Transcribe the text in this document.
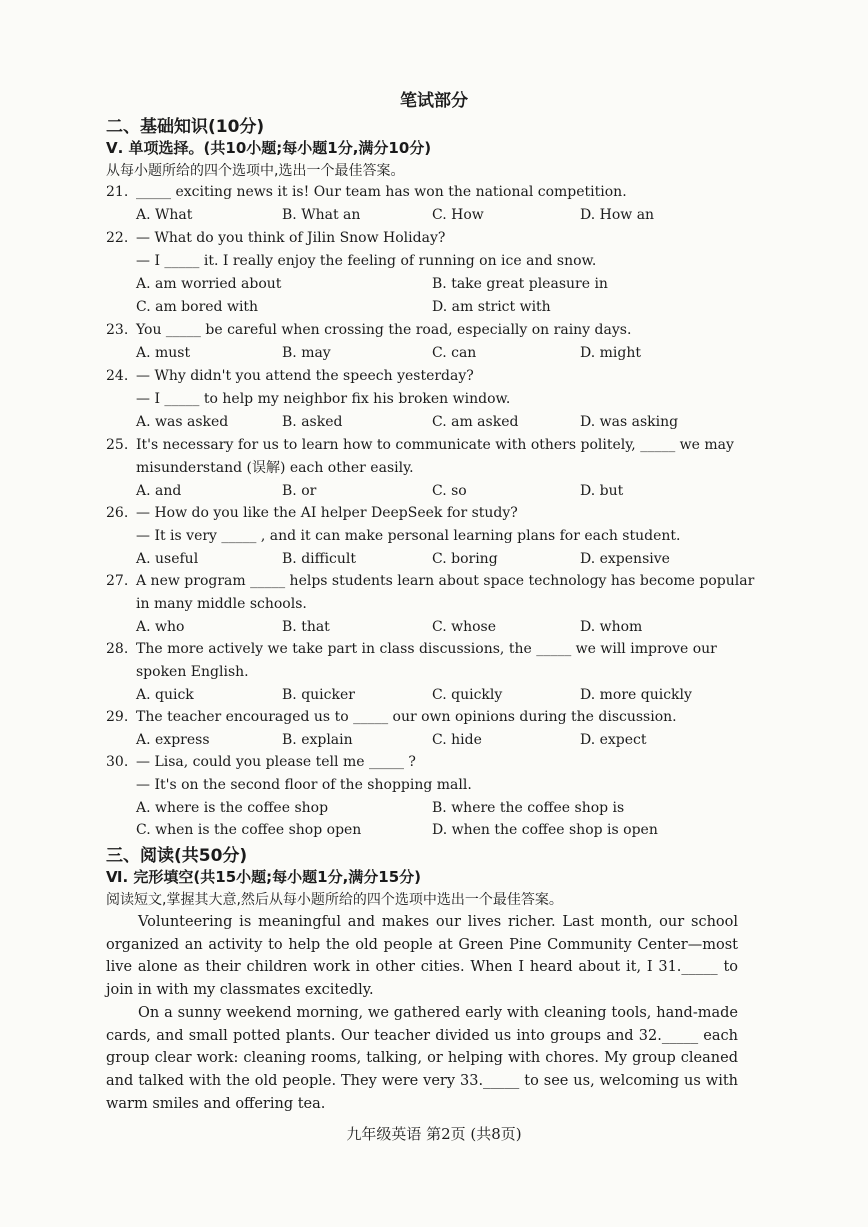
笔试部分
二、基础知识(10分)
Ⅴ. 单项选择。(共10小题;每小题1分,满分10分)
从每小题所给的四个选项中,选出一个最佳答案。
21. _____ exciting news it is! Our team has won the national competition.
A. What	B. What an	C. How	D. How an
22. — What do you think of Jilin Snow Holiday?
— I _____ it. I really enjoy the feeling of running on ice and snow.
A. am worried about	B. take great pleasure in
C. am bored with	D. am strict with
23. You _____ be careful when crossing the road, especially on rainy days.
A. must	B. may	C. can	D. might
24. — Why didn't you attend the speech yesterday?
— I _____ to help my neighbor fix his broken window.
A. was asked	B. asked	C. am asked	D. was asking
25. It's necessary for us to learn how to communicate with others politely, _____ we may
misunderstand (误解) each other easily.
A. and	B. or	C. so	D. but
26. — How do you like the AI helper DeepSeek for study?
— It is very _____ , and it can make personal learning plans for each student.
A. useful	B. difficult	C. boring	D. expensive
27. A new program _____ helps students learn about space technology has become popular
in many middle schools.
A. who	B. that	C. whose	D. whom
28. The more actively we take part in class discussions, the _____ we will improve our
spoken English.
A. quick	B. quicker	C. quickly	D. more quickly
29. The teacher encouraged us to _____ our own opinions during the discussion.
A. express	B. explain	C. hide	D. expect
30. — Lisa, could you please tell me _____ ?
— It's on the second floor of the shopping mall.
A. where is the coffee shop	B. where the coffee shop is
C. when is the coffee shop open	D. when the coffee shop is open
三、阅读(共50分)
Ⅵ. 完形填空(共15小题;每小题1分,满分15分)
阅读短文,掌握其大意,然后从每小题所给的四个选项中选出一个最佳答案。

Volunteering is meaningful and makes our lives richer. Last month, our school organized an activity to help the old people at Green Pine Community Center—most live alone as their children work in other cities. When I heard about it, I 31._____ to join in with my classmates excitedly.

On a sunny weekend morning, we gathered early with cleaning tools, hand-made cards, and small potted plants. Our teacher divided us into groups and 32._____ each group clear work: cleaning rooms, talking, or helping with chores. My group cleaned and talked with the old people. They were very 33._____ to see us, welcoming us with warm smiles and offering tea.

九年级英语 第2页 (共8页)
